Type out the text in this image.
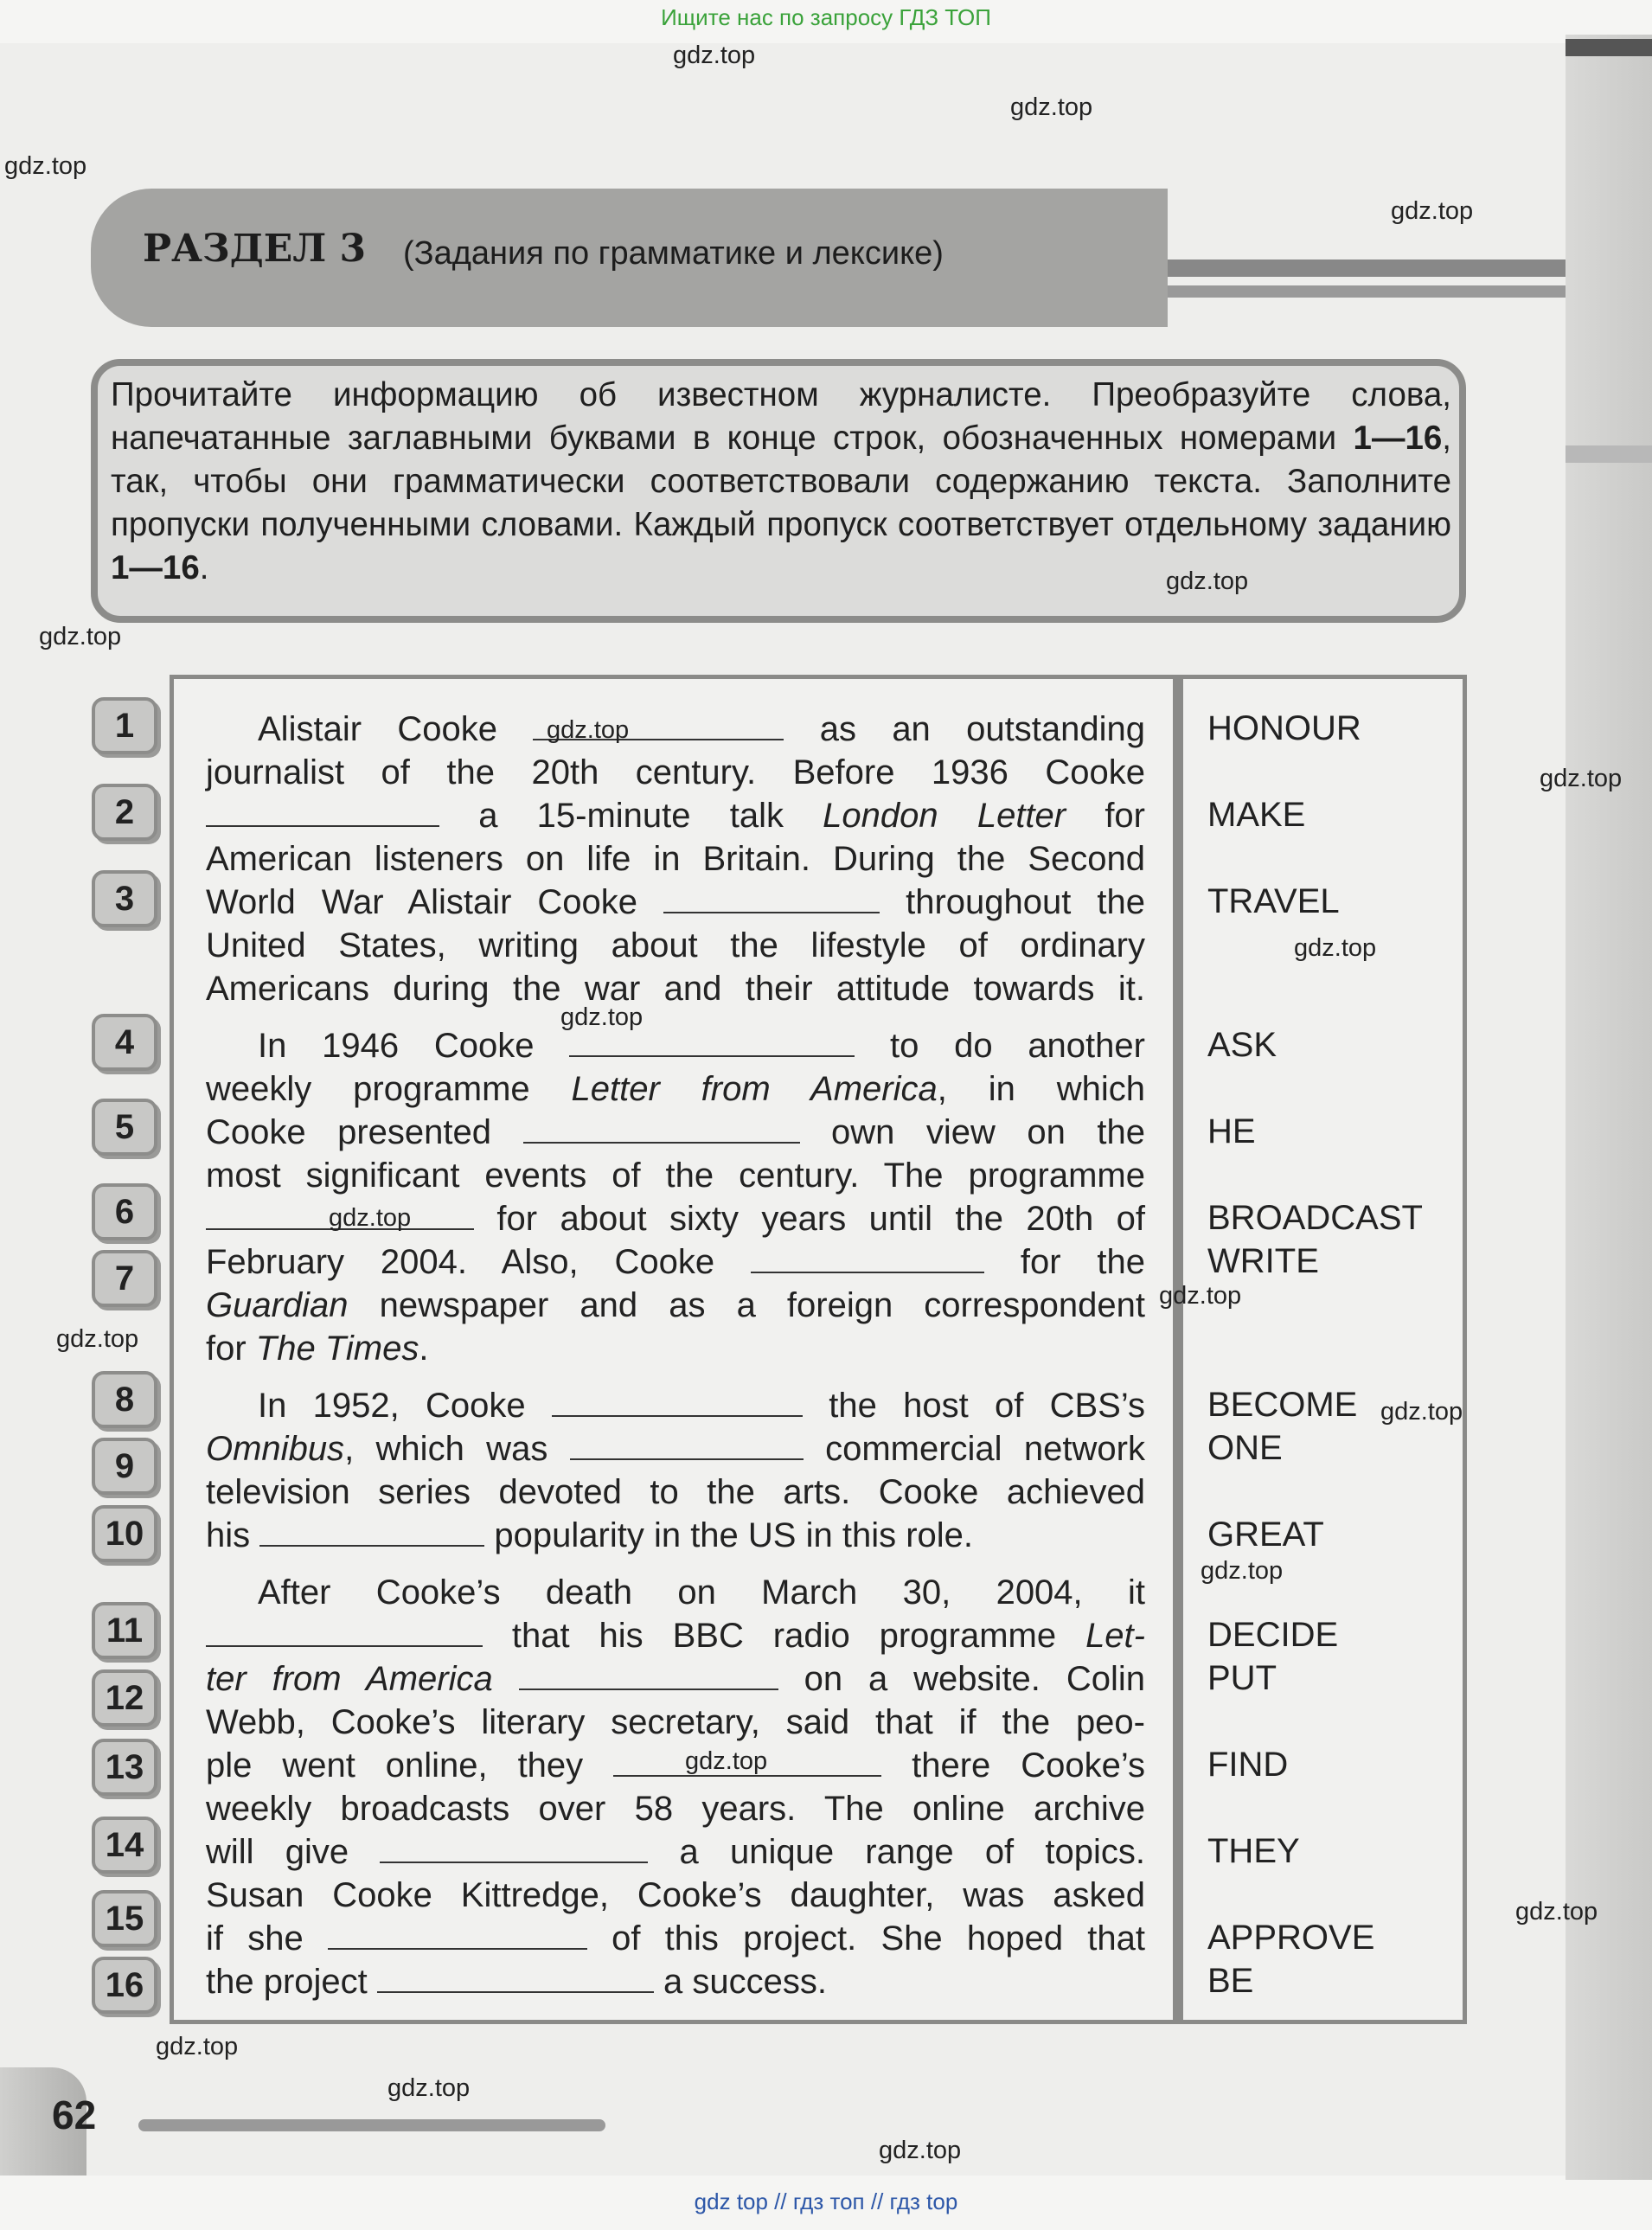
Ищите нас по запросу ГДЗ ТОП
РАЗДЕЛ 3 (Задания по грамматике и лексике)
Прочитайте информацию об известном журналисте. Преобразуйте слова, напечатанные заглавными буквами в конце строк, обозначенных номерами 1—16, так, чтобы они грамматически соответствовали содержанию текста. Заполните пропуски полученными словами. Каждый пропуск соответствует отдельному заданию 1—16.
1
2
3
4
5
6
7
8
9
10
11
12
13
14
15
16
Alistair Cooke	as an outstanding
journalist of the 20th century. Before 1936 Cooke
a 15-minute talk London Letter for
American listeners on life in Britain. During the Second
World War Alistair Cooke	throughout the
United States, writing about the lifestyle of ordinary
Americans during the war and their attitude towards it.
In 1946 Cooke	to do another
weekly programme Letter from America, in which
Cooke presented	own view on the
most significant events of the century. The programme
for about sixty years until the 20th of
February 2004. Also, Cooke	for the
Guardian newspaper and as a foreign correspondent
for The Times.
In 1952, Cooke	the host of CBS’s
Omnibus, which was	commercial network
television series devoted to the arts. Cooke achieved
his	popularity in the US in this role.
After Cooke’s death on March 30, 2004, it
that his BBC radio programme Let-
ter from America	on a website. Colin
Webb, Cooke’s literary secretary, said that if the peo-
ple went online, they	there Cooke’s
weekly broadcasts over 58 years. The online archive
will give	a unique range of topics.
Susan Cooke Kittredge, Cooke’s daughter, was asked
if she	of this project. She hoped that
the project	a success.
HONOUR
MAKE
TRAVEL
ASK
HE
BROADCAST
WRITE
BECOME
ONE
GREAT
DECIDE
PUT
FIND
THEY
APPROVE
BE
62
gdz.top
gdz.top
gdz.top
gdz.top
gdz.top
gdz.top
gdz.top
gdz.top
gdz.top
gdz.top
gdz.top
gdz.top
gdz.top
gdz.top
gdz.top
gdz.top
gdz.top
gdz.top
gdz.top
gdz.top
gdz top // гдз топ // гдз top
